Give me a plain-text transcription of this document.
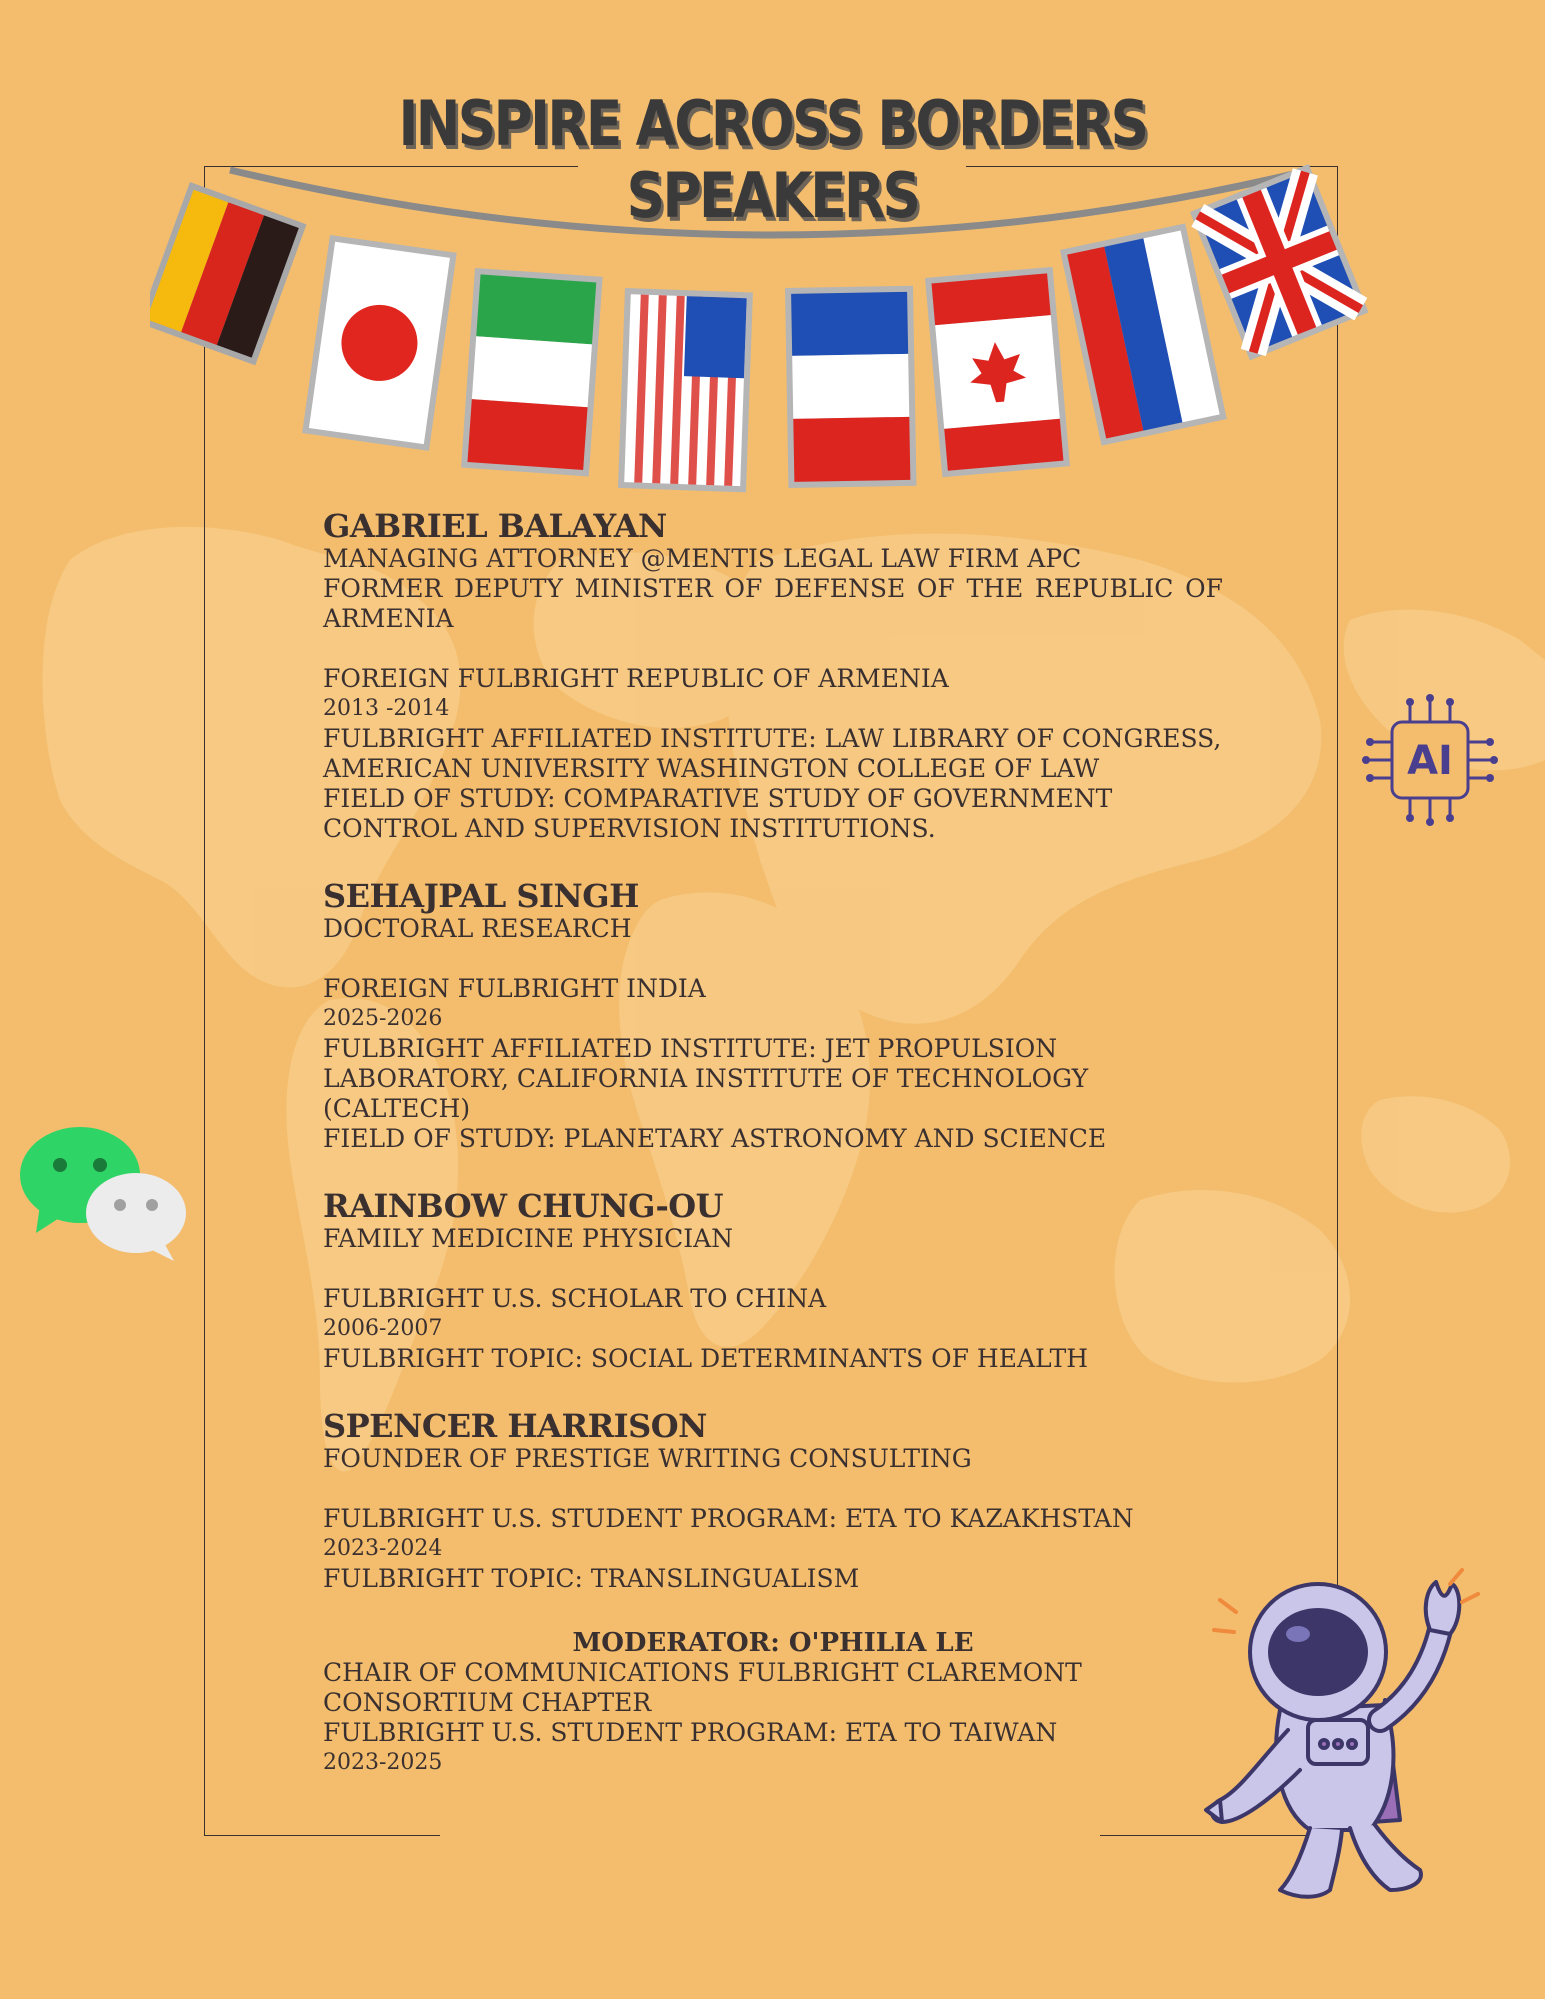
INSPIRE ACROSS BORDERS
SPEAKERS
GABRIEL BALAYAN
MANAGING ATTORNEY @MENTIS LEGAL LAW FIRM APC
FORMER DEPUTY MINISTER OF DEFENSE OF THE REPUBLIC OF ARMENIA
FOREIGN FULBRIGHT REPUBLIC OF ARMENIA
2013 -2014
FULBRIGHT AFFILIATED INSTITUTE: LAW LIBRARY OF CONGRESS, AMERICAN UNIVERSITY WASHINGTON COLLEGE OF LAW
FIELD OF STUDY: COMPARATIVE STUDY OF GOVERNMENT CONTROL AND SUPERVISION INSTITUTIONS.
SEHAJPAL SINGH
DOCTORAL RESEARCH
FOREIGN FULBRIGHT INDIA
2025-2026
FULBRIGHT AFFILIATED INSTITUTE: JET PROPULSION LABORATORY, CALIFORNIA INSTITUTE OF TECHNOLOGY (CALTECH)
FIELD OF STUDY: PLANETARY ASTRONOMY AND SCIENCE
RAINBOW CHUNG-OU
FAMILY MEDICINE PHYSICIAN
FULBRIGHT U.S. SCHOLAR TO CHINA
2006-2007
FULBRIGHT TOPIC: SOCIAL DETERMINANTS OF HEALTH
SPENCER HARRISON
FOUNDER OF PRESTIGE WRITING CONSULTING
FULBRIGHT U.S. STUDENT PROGRAM: ETA TO KAZAKHSTAN
2023-2024
FULBRIGHT TOPIC: TRANSLINGUALISM
MODERATOR: O'PHILIA LE
CHAIR OF COMMUNICATIONS FULBRIGHT CLAREMONT CONSORTIUM CHAPTER
FULBRIGHT U.S. STUDENT PROGRAM: ETA TO TAIWAN
2023-2025
AI
